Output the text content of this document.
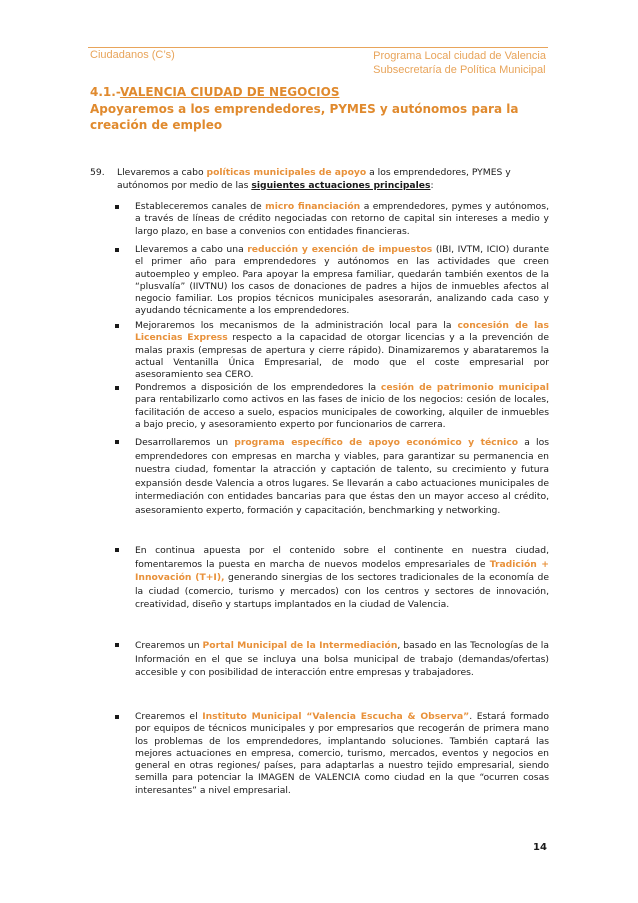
Ciudadanos (C’s)	Programa Local ciudad de Valencia
Subsecretaría de Política Municipal
4.1.-VALENCIA CIUDAD DE NEGOCIOS
Apoyaremos a los emprendedores, PYMES y autónomos para la creación de empleo
59. Llevaremos a cabo políticas municipales de apoyo a los emprendedores, PYMES y autónomos por medio de las siguientes actuaciones principales:
Estableceremos canales de micro financiación a emprendedores, pymes y autónomos, a través de líneas de crédito negociadas con retorno de capital sin intereses a medio y largo plazo, en base a convenios con entidades financieras.
Llevaremos a cabo una reducción y exención de impuestos (IBI, IVTM, ICIO) durante el primer año para emprendedores y autónomos en las actividades que creen autoempleo y empleo. Para apoyar la empresa familiar, quedarán también exentos de la “plusvalía” (IIVTNU) los casos de donaciones de padres a hijos de inmuebles afectos al negocio familiar. Los propios técnicos municipales asesorarán, analizando cada caso y ayudando técnicamente a los emprendedores.
Mejoraremos los mecanismos de la administración local para la concesión de las Licencias Express respecto a la capacidad de otorgar licencias y a la prevención de malas praxis (empresas de apertura y cierre rápido). Dinamizaremos y abarataremos la actual Ventanilla Única Empresarial, de modo que el coste empresarial por asesoramiento sea CERO.
Pondremos a disposición de los emprendedores la cesión de patrimonio municipal para rentabilizarlo como activos en las fases de inicio de los negocios: cesión de locales, facilitación de acceso a suelo, espacios municipales de coworking, alquiler de inmuebles a bajo precio, y asesoramiento experto por funcionarios de carrera.
Desarrollaremos un programa específico de apoyo económico y técnico a los emprendedores con empresas en marcha y viables, para garantizar su permanencia en nuestra ciudad, fomentar la atracción y captación de talento, su crecimiento y futura expansión desde Valencia a otros lugares. Se llevarán a cabo actuaciones municipales de intermediación con entidades bancarias para que éstas den un mayor acceso al crédito, asesoramiento experto, formación y capacitación, benchmarking y networking.
En continua apuesta por el contenido sobre el continente en nuestra ciudad, fomentaremos la puesta en marcha de nuevos modelos empresariales de Tradición + Innovación (T+I), generando sinergias de los sectores tradicionales de la economía de la ciudad (comercio, turismo y mercados) con los centros y sectores de innovación, creatividad, diseño y startups implantados en la ciudad de Valencia.
Crearemos un Portal Municipal de la Intermediación, basado en las Tecnologías de la Información en el que se incluya una bolsa municipal de trabajo (demandas/ofertas) accesible y con posibilidad de interacción entre empresas y trabajadores.
Crearemos el Instituto Municipal “Valencia Escucha & Observa”. Estará formado por equipos de técnicos municipales y por empresarios que recogerán de primera mano los problemas de los emprendedores, implantando soluciones. También captará las mejores actuaciones en empresa, comercio, turismo, mercados, eventos y negocios en general en otras regiones/ países, para adaptarlas a nuestro tejido empresarial, siendo semilla para potenciar la IMAGEN de VALENCIA como ciudad en la que “ocurren cosas interesantes” a nivel empresarial.
14
